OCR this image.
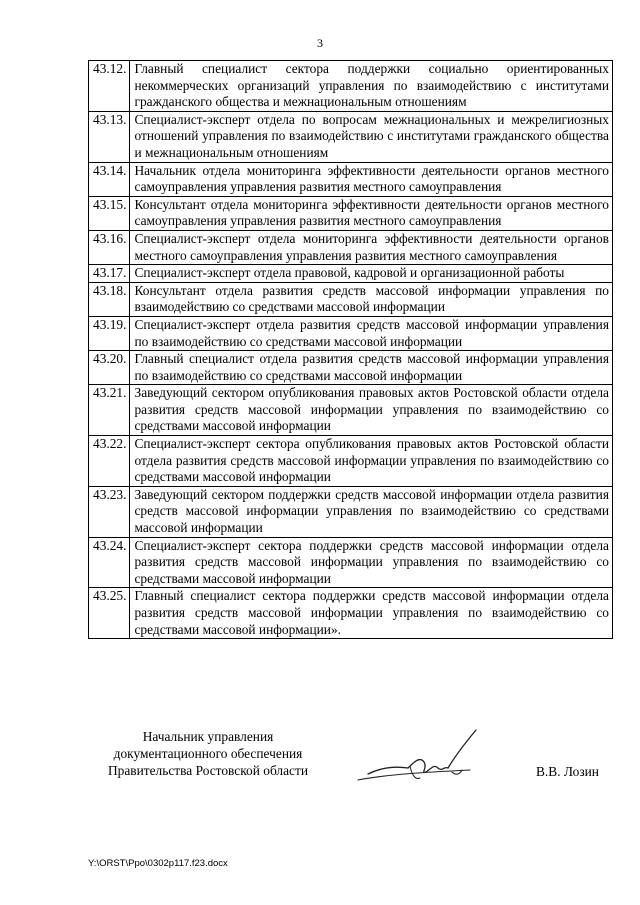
3
43.12.	Главный специалист сектора поддержки социально ориентированных некоммерческих организаций управления по взаимодействию с институтами гражданского общества и межнациональным отношениям
43.13.	Специалист-эксперт отдела по вопросам межнациональных и межрелигиозных отношений управления по взаимодействию с институтами гражданского общества и межнациональным отношениям
43.14.	Начальник отдела мониторинга эффективности деятельности органов местного самоуправления управления развития местного самоуправления
43.15.	Консультант отдела мониторинга эффективности деятельности органов местного самоуправления управления развития местного самоуправления
43.16.	Специалист-эксперт отдела мониторинга эффективности деятельности органов местного самоуправления управления развития местного самоуправления
43.17.	Специалист-эксперт отдела правовой, кадровой и организационной работы
43.18.	Консультант отдела развития средств массовой информации управления по взаимодействию со средствами массовой информации
43.19.	Специалист-эксперт отдела развития средств массовой информации управления по взаимодействию со средствами массовой информации
43.20.	Главный специалист отдела развития средств массовой информации управления по взаимодействию со средствами массовой информации
43.21.	Заведующий сектором опубликования правовых актов Ростовской области отдела развития средств массовой информации управления по взаимодействию со средствами массовой информации
43.22.	Специалист-эксперт сектора опубликования правовых актов Ростовской области отдела развития средств массовой информации управления по взаимодействию со средствами массовой информации
43.23.	Заведующий сектором поддержки средств массовой информации отдела развития средств массовой информации управления по взаимодействию со средствами массовой информации
43.24.	Специалист-эксперт сектора поддержки средств массовой информации отдела развития средств массовой информации управления по взаимодействию со средствами массовой информации
43.25.	Главный специалист сектора поддержки средств массовой информации отдела развития средств массовой информации управления по взаимодействию со средствами массовой информации».
Начальник управления
документационного обеспечения
Правительства Ростовской области	В.В. Лозин
Y:\ORST\Ppo\0302p117.f23.docx
